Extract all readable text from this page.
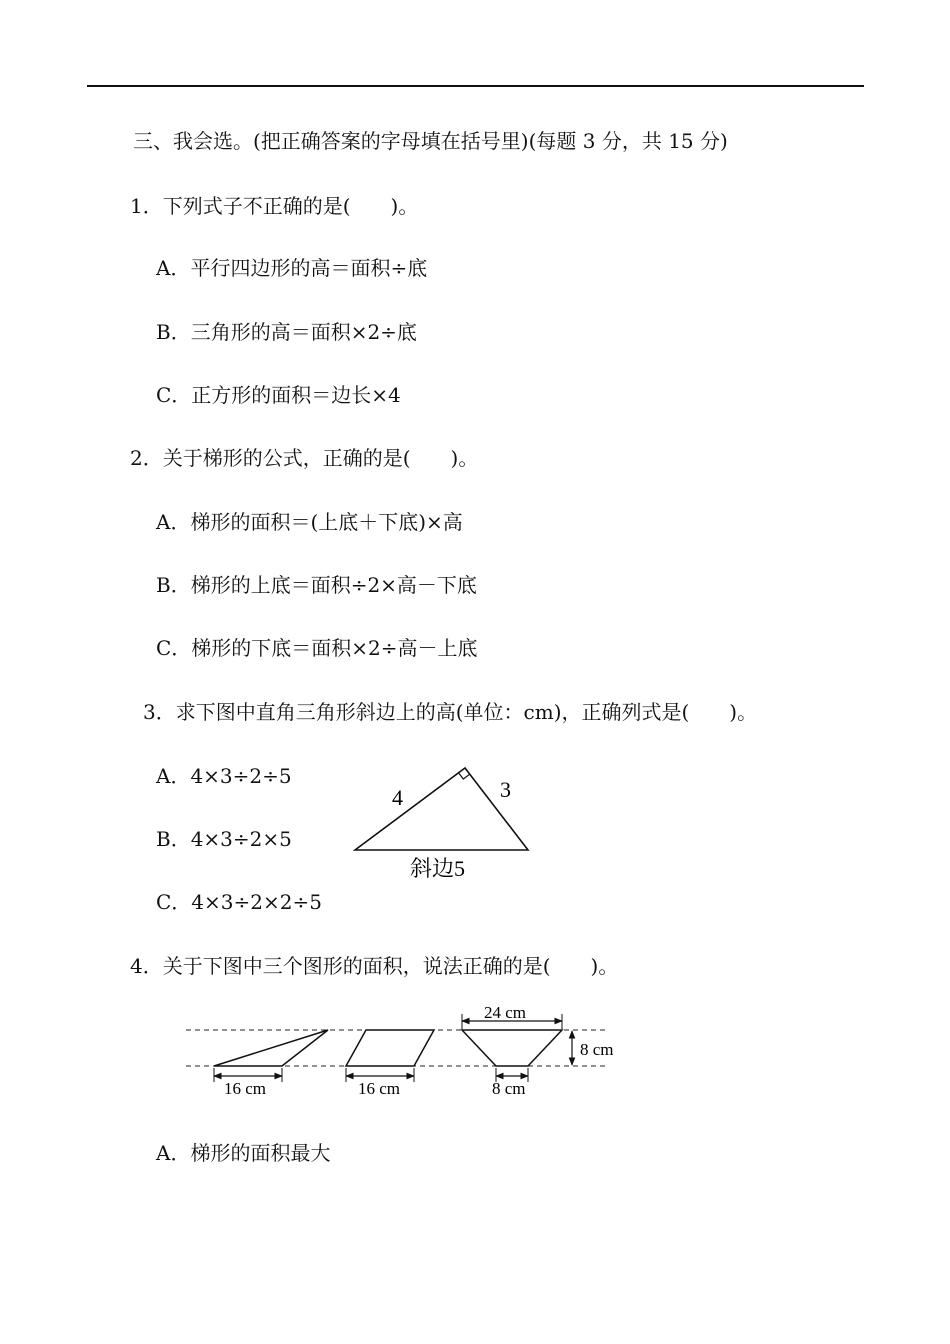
三、我会选。(把正确答案的字母填在括号里)(每题 3 分，共 15 分)
1．下列式子不正确的是(　　)。
A．平行四边形的高＝面积÷底
B．三角形的高＝面积×2÷底
C．正方形的面积＝边长×4
2．关于梯形的公式，正确的是(　　)。
A．梯形的面积＝(上底＋下底)×高
B．梯形的上底＝面积÷2×高－下底
C．梯形的下底＝面积×2÷高－上底
3．求下图中直角三角形斜边上的高(单位：cm)，正确列式是(　　)。
A．4×3÷2÷5
B．4×3÷2×5
C．4×3÷2×2÷5
4	3
斜边5
4．关于下图中三个图形的面积，说法正确的是(　　)。
16 cm	16 cm
24 cm
8 cm
8 cm
A．梯形的面积最大
